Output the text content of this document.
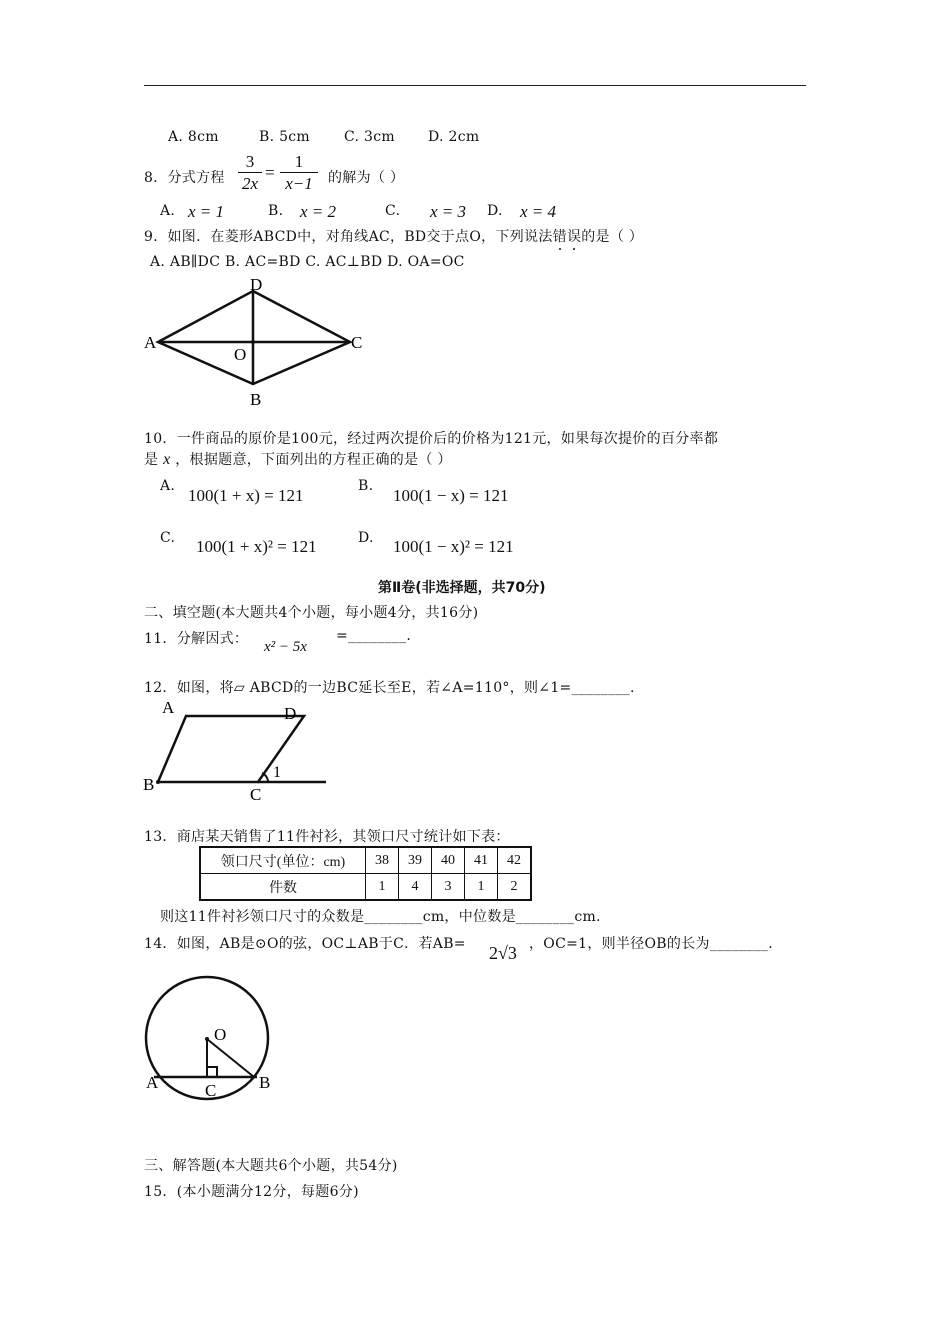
A. 8cm	B. 5cm C. 3cm D. 2cm
8．分式方程 $\frac{3}{2x} = \frac{1}{x-1}$ 的解为（ ）
A. x = 1	B. x = 2	C. x = 3 D. x = 4
9．如图．在菱形ABCD中，对角线AC，BD交于点O，下列说法错误的是（ ）
A. AB∥DC B. AC=BD C. AC⊥BD D. OA=OC
D
A	C
O
B
10．一件商品的原价是100元，经过两次提价后的价格为121元，如果每次提价的百分率都
是 x ，根据题意，下面列出的方程正确的是（ ）
A. 100(1 + x) = 121	B. 100(1 − x) = 121
C. 100(1 + x)² = 121	D. 100(1 − x)² = 121
第Ⅱ卷(非选择题，共70分)
二、填空题(本大题共4个小题，每小题4分，共16分)
11．分解因式： x² − 5x
=________.
12．如图，将▱ ABCD的一边BC延长至E，若∠A=110°，则∠1=________.
A	D
B
C
1
13．商店某天销售了11件衬衫，其领口尺寸统计如下表：
领口尺寸(单位：cm)	38	39	40	41	42
件数	1	4	3	1	2
则这11件衬衫领口尺寸的众数是________cm，中位数是________cm.
14．如图，AB是⊙O的弦，OC⊥AB于C．若AB= 2√3 ，OC=1，则半径OB的长为________.
O
A	C	B
三、解答题(本大题共6个小题，共54分)
15．(本小题满分12分，每题6分)
